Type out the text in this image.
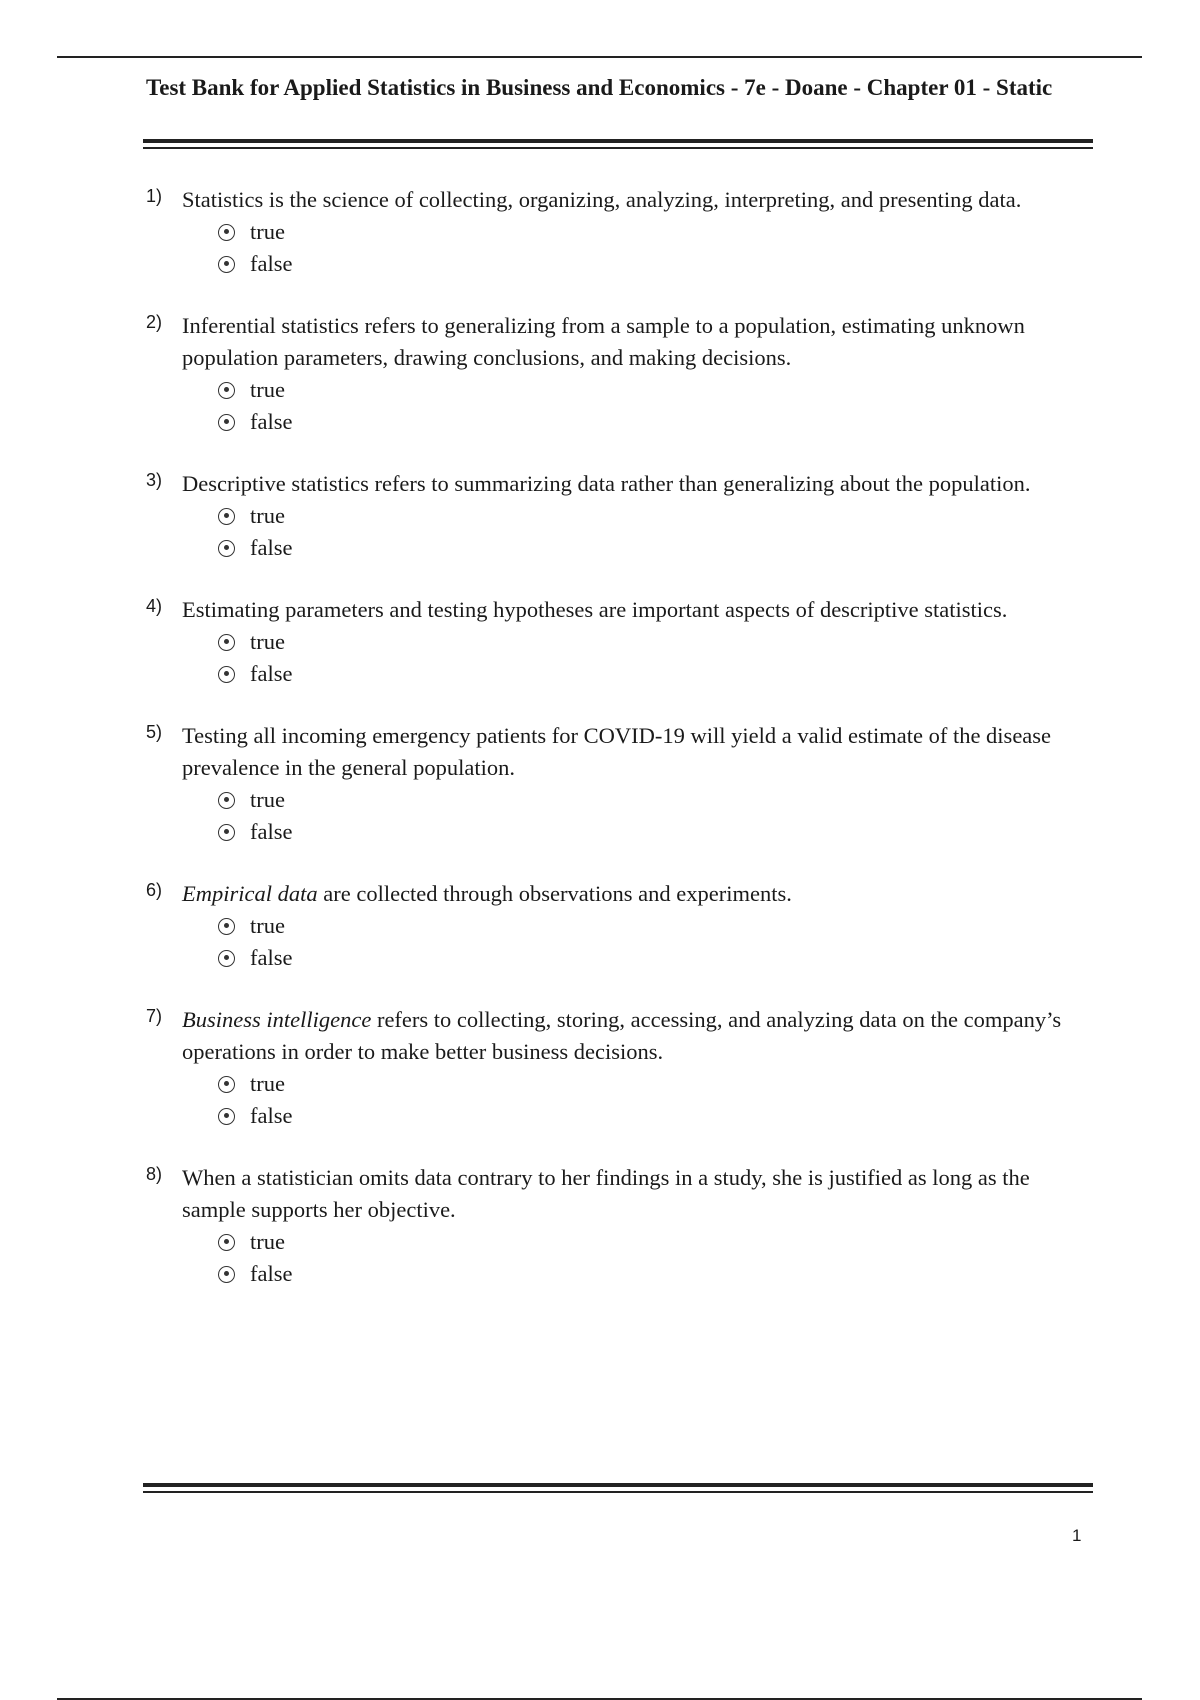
Test Bank for Applied Statistics in Business and Economics - 7e - Doane - Chapter 01 - Static
1) Statistics is the science of collecting, organizing, analyzing, interpreting, and presenting data.
true
false
2) Inferential statistics refers to generalizing from a sample to a population, estimating unknown population parameters, drawing conclusions, and making decisions.
true
false
3) Descriptive statistics refers to summarizing data rather than generalizing about the population.
true
false
4) Estimating parameters and testing hypotheses are important aspects of descriptive statistics.
true
false
5) Testing all incoming emergency patients for COVID-19 will yield a valid estimate of the disease prevalence in the general population.
true
false
6) Empirical data are collected through observations and experiments.
true
false
7) Business intelligence refers to collecting, storing, accessing, and analyzing data on the company’s operations in order to make better business decisions.
true
false
8) When a statistician omits data contrary to her findings in a study, she is justified as long as the sample supports her objective.
true
false
1
